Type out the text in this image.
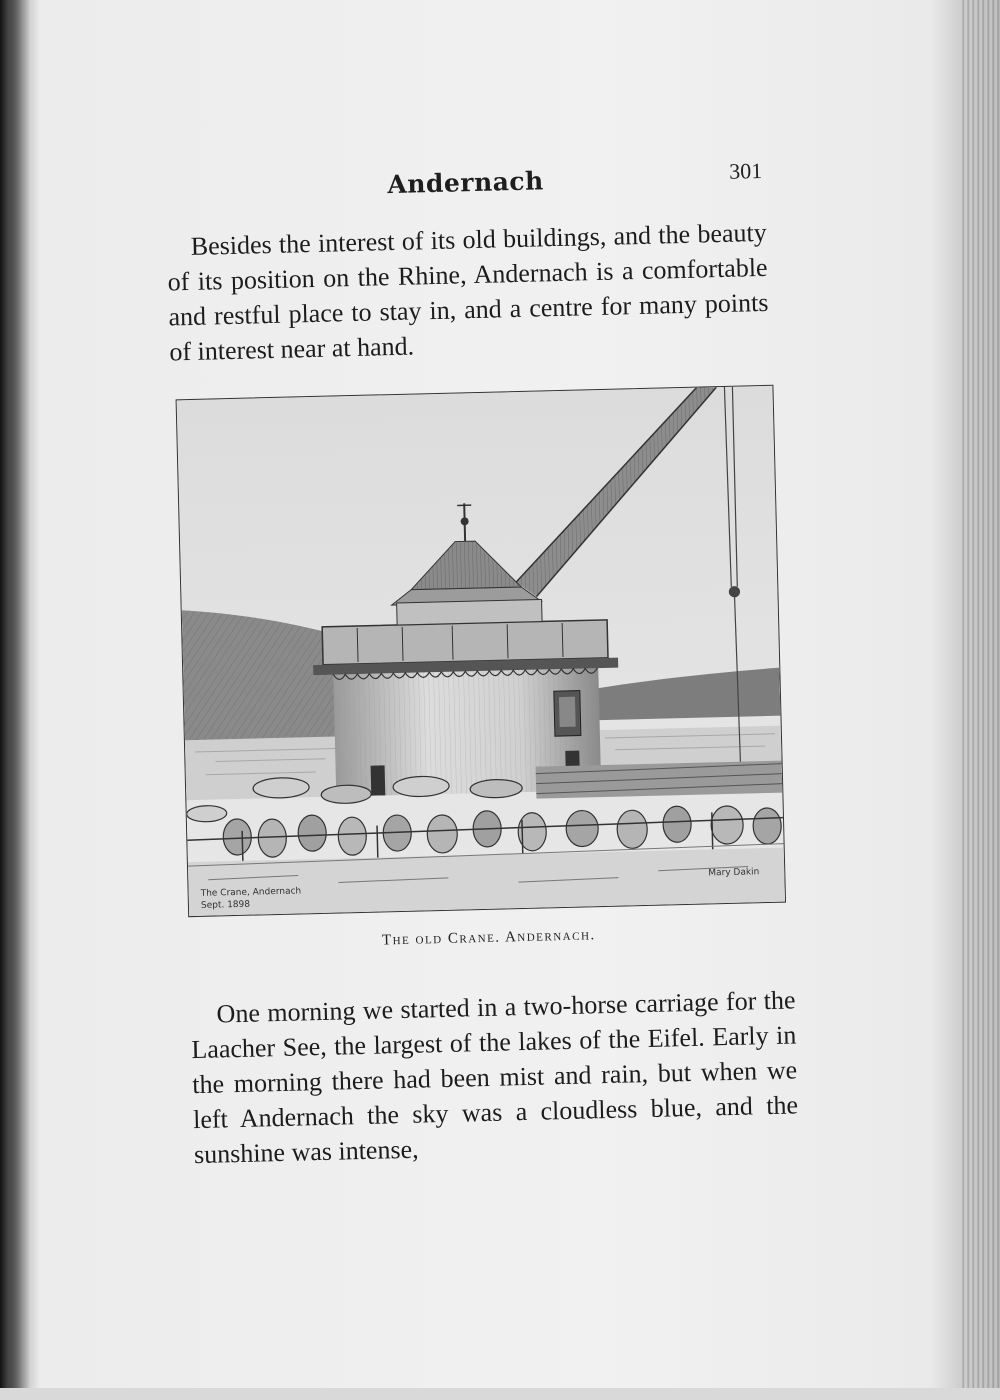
Andernach	301

Besides the interest of its old buildings, and the beauty of its position on the Rhine, Andernach is a comfortable and restful place to stay in, and a centre for many points of interest near at hand.

The Crane, Andernach
Sept. 1898
Mary Dakin
The old Crane. Andernach.

One morning we started in a two-horse carriage for the Laacher See, the largest of the lakes of the Eifel. Early in the morning there had been mist and rain, but when we left Andernach the sky was a cloudless blue, and the sunshine was intense,
